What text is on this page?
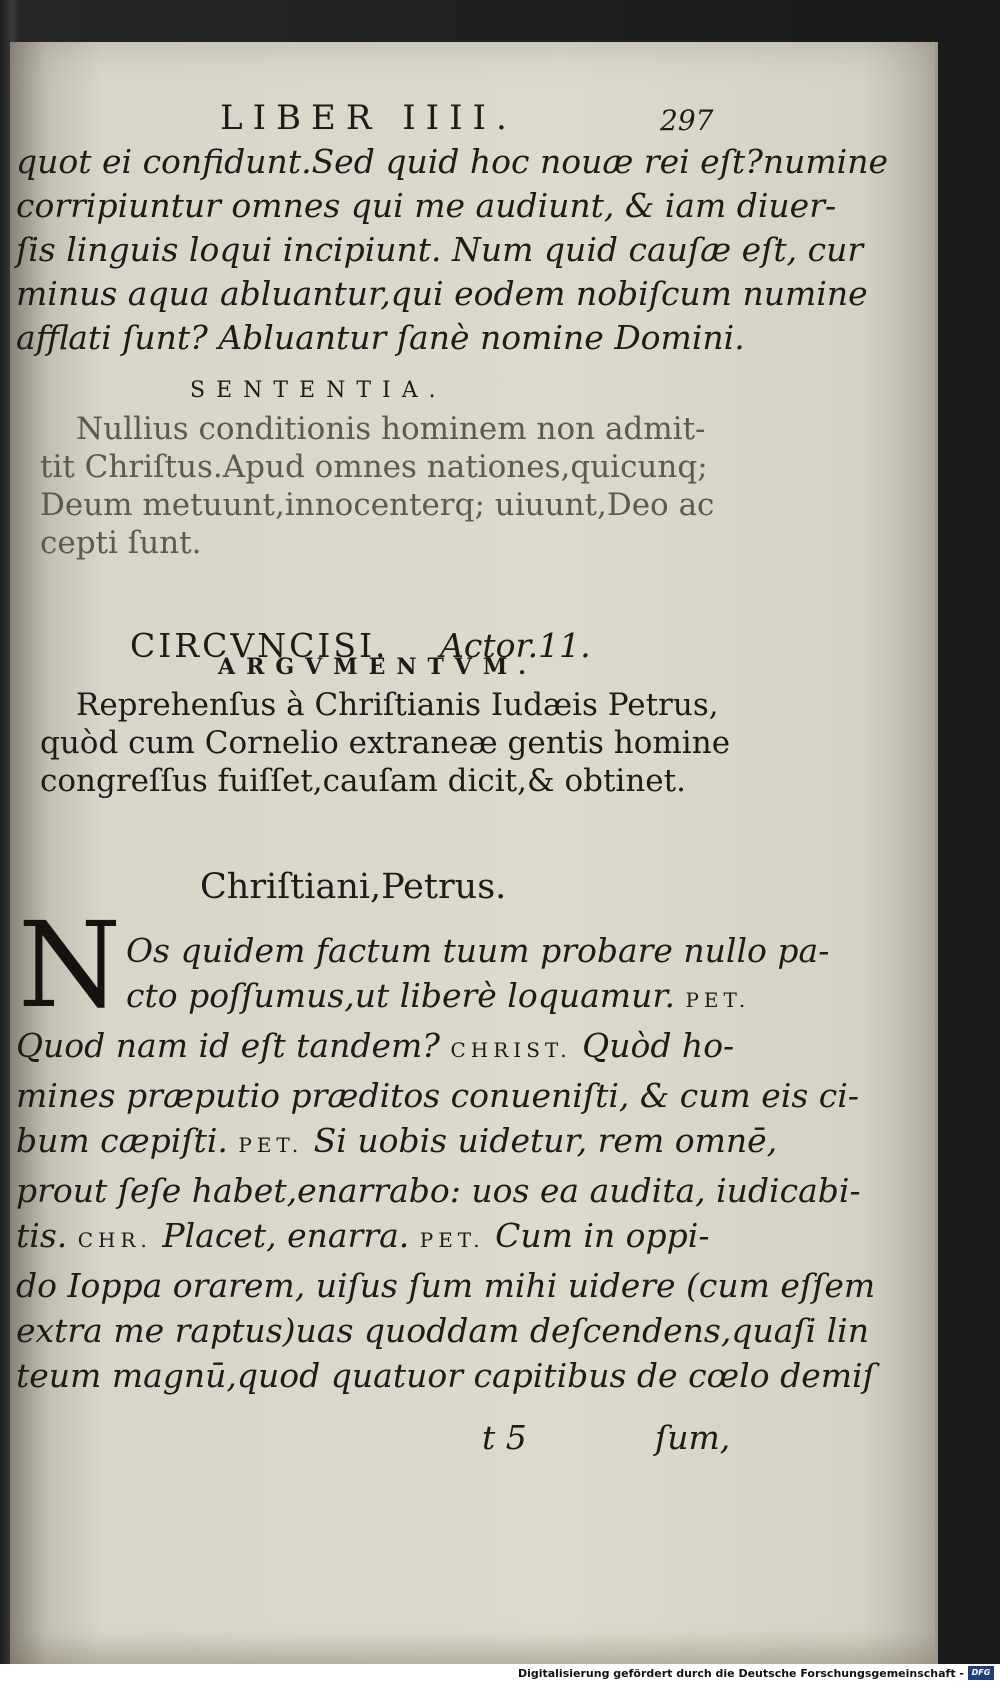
LIBER IIII.	297
quot ei confidunt.Sed quid hoc nouæ rei eſt?numine
corripiuntur omnes qui me audiunt, & iam diuer-
ſis linguis loqui incipiunt. Num quid cauſæ eſt, cur
minus aqua abluantur,qui eodem nobiſcum numine
afflati ſunt? Abluantur ſanè nomine Domini.
SENTENTIA.
Nullius conditionis hominem non admit-
tit Chriſtus.Apud omnes nationes,quicunq;
Deum metuunt,innocenterq; uiuunt,Deo ac
cepti ſunt.
CIRCVNCISI. Actor.11.
ARGVMENTVM.
Reprehenſus à Chriſtianis Iudæis Petrus,
quòd cum Cornelio extraneæ gentis homine
congreſſus fuiſſet,cauſam dicit,& obtinet.
Chriſtiani,Petrus.
N Os quidem factum tuum probare nullo pa-
cto poſſumus,ut liberè loquamur. PET.
Quod nam id eſt tandem? CHRIST. Quòd ho-
mines præputio præditos conueniſti, & cum eis ci-
bum cæpiſti. PET. Si uobis uidetur, rem omnē,
prout ſeſe habet,enarrabo: uos ea audita, iudicabi-
tis. CHR. Placet, enarra. PET. Cum in oppi-
do Ioppa orarem, uiſus ſum mihi uidere (cum eſſem
extra me raptus)uas quoddam deſcendens,quaſi lin
teum magnū,quod quatuor capitibus de cœlo demiſ
t 5	ſum,
Digitalisierung gefördert durch die Deutsche Forschungsgemeinschaft - DFG
